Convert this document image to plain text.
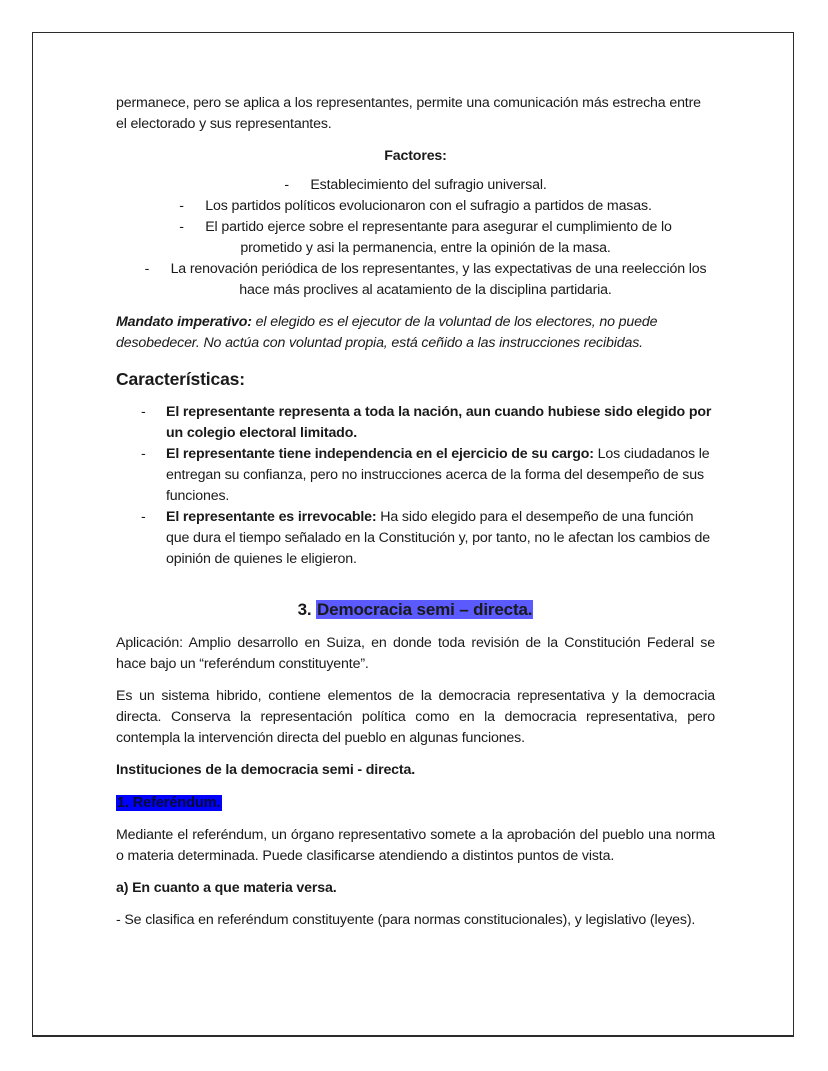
permanece, pero se aplica a los representantes, permite una comunicación más estrecha entre el electorado y sus representantes.

Factores:

- Establecimiento del sufragio universal.
- Los partidos políticos evolucionaron con el sufragio a partidos de masas.
- El partido ejerce sobre el representante para asegurar el cumplimiento de lo prometido y asi la permanencia, entre la opinión de la masa.
- La renovación periódica de los representantes, y las expectativas de una reelección los hace más proclives al acatamiento de la disciplina partidaria.

Mandato imperativo: el elegido es el ejecutor de la voluntad de los electores, no puede desobedecer. No actúa con voluntad propia, está ceñido a las instrucciones recibidas.

Características:

- El representante representa a toda la nación, aun cuando hubiese sido elegido por un colegio electoral limitado.
- El representante tiene independencia en el ejercicio de su cargo: Los ciudadanos le entregan su confianza, pero no instrucciones acerca de la forma del desempeño de sus funciones.
- El representante es irrevocable: Ha sido elegido para el desempeño de una función que dura el tiempo señalado en la Constitución y, por tanto, no le afectan los cambios de opinión de quienes le eligieron.

3. Democracia semi – directa.

Aplicación: Amplio desarrollo en Suiza, en donde toda revisión de la Constitución Federal se hace bajo un “referéndum constituyente”.

Es un sistema hibrido, contiene elementos de la democracia representativa y la democracia directa. Conserva la representación política como en la democracia representativa, pero contempla la intervención directa del pueblo en algunas funciones.

Instituciones de la democracia semi - directa.

1. Referéndum.

Mediante el referéndum, un órgano representativo somete a la aprobación del pueblo una norma o materia determinada. Puede clasificarse atendiendo a distintos puntos de vista.

a) En cuanto a que materia versa.

- Se clasifica en referéndum constituyente (para normas constitucionales), y legislativo (leyes).
